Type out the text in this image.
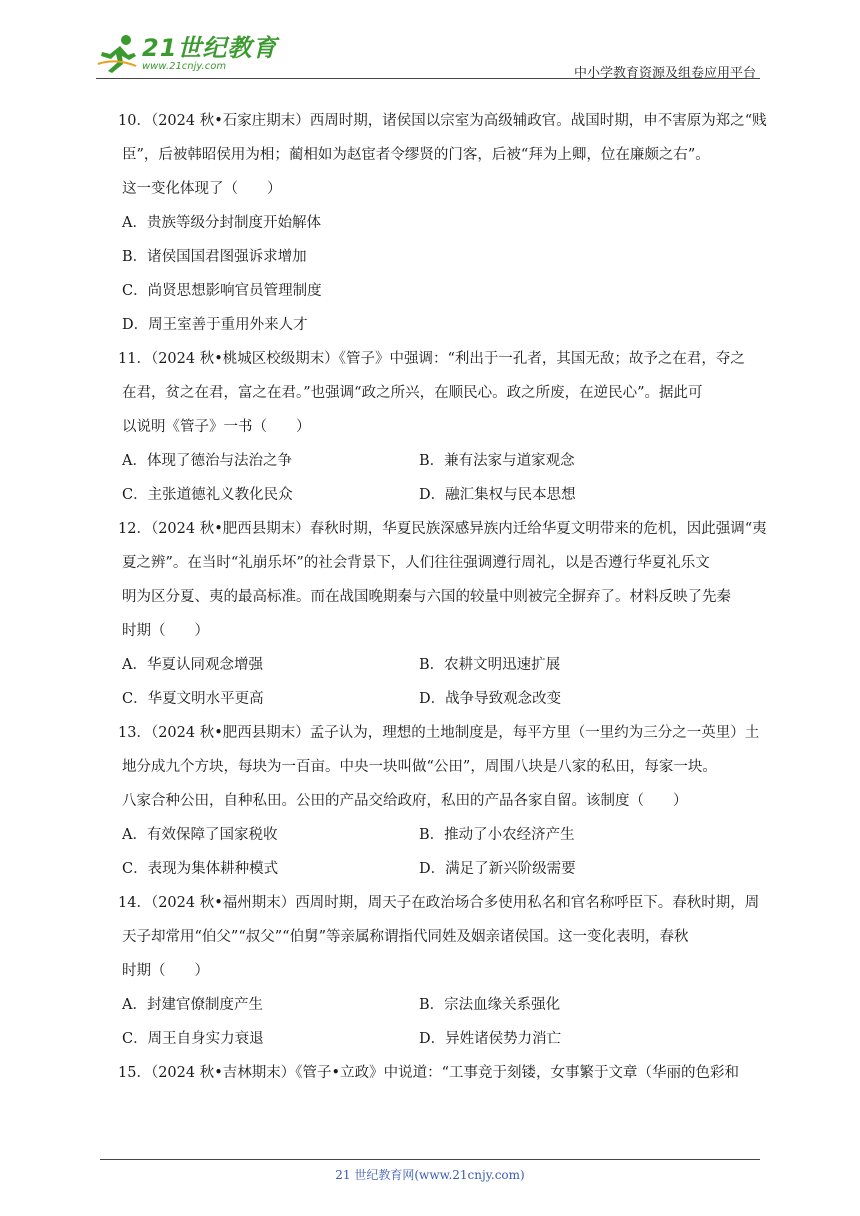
21世纪教育
www.21cnjy.com	中小学教育资源及组卷应用平台
10．（2024 秋•石家庄期末）西周时期，诸侯国以宗室为高级辅政官。战国时期，申不害原为郑之“贱
臣”，后被韩昭侯用为相；蔺相如为赵宦者令缪贤的门客，后被“拜为上卿，位在廉颇之右”。
这一变化体现了（　　）
A．贵族等级分封制度开始解体
B．诸侯国国君图强诉求增加
C．尚贤思想影响官员管理制度
D．周王室善于重用外来人才
11．（2024 秋•桃城区校级期末）《管子》中强调：“利出于一孔者，其国无敌；故予之在君，夺之
在君，贫之在君，富之在君。”也强调“政之所兴，在顺民心。政之所废，在逆民心”。据此可
以说明《管子》一书（　　）
A．体现了德治与法治之争	B．兼有法家与道家观念
C．主张道德礼义教化民众	D．融汇集权与民本思想
12．（2024 秋•肥西县期末）春秋时期，华夏民族深感异族内迁给华夏文明带来的危机，因此强调“夷
夏之辨”。在当时“礼崩乐坏”的社会背景下，人们往往强调遵行周礼，以是否遵行华夏礼乐文
明为区分夏、夷的最高标准。而在战国晚期秦与六国的较量中则被完全摒弃了。材料反映了先秦
时期（　　）
A．华夏认同观念增强	B．农耕文明迅速扩展
C．华夏文明水平更高	D．战争导致观念改变
13．（2024 秋•肥西县期末）孟子认为，理想的土地制度是，每平方里（一里约为三分之一英里）土
地分成九个方块，每块为一百亩。中央一块叫做“公田”，周围八块是八家的私田，每家一块。
八家合种公田，自种私田。公田的产品交给政府，私田的产品各家自留。该制度（　　）
A．有效保障了国家税收	B．推动了小农经济产生
C．表现为集体耕种模式	D．满足了新兴阶级需要
14．（2024 秋•福州期末）西周时期，周天子在政治场合多使用私名和官名称呼臣下。春秋时期，周
天子却常用“伯父”“叔父”“伯舅”等亲属称谓指代同姓及姻亲诸侯国。这一变化表明，春秋
时期（　　）
A．封建官僚制度产生	B．宗法血缘关系强化
C．周王自身实力衰退	D．异姓诸侯势力消亡
15．（2024 秋•吉林期末）《管子•立政》中说道：“工事竞于刻镂，女事繁于文章（华丽的色彩和
21 世纪教育网(www.21cnjy.com)
